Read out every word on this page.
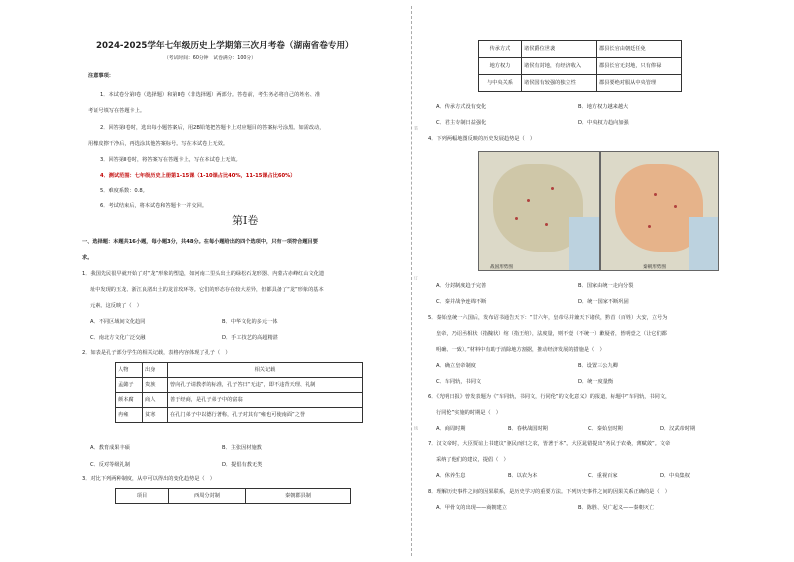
装
订
线
2024-2025学年七年级历史上学期第三次月考卷（湖南省卷专用）
（考试时间：60分钟　试卷满分：100分）
注意事项：
1．本试卷分第Ⅰ卷（选择题）和第Ⅱ卷（非选择题）两部分。答卷前，考生务必将自己的姓名、准
考证号填写在答题卡上。
2．回答第Ⅰ卷时，选出每小题答案后，用2B铅笔把答题卡上对应题目的答案标号涂黑。如需改动，
用橡皮擦干净后，再选涂其他答案标号。写在本试卷上无效。
3．回答第Ⅱ卷时，将答案写在答题卡上，写在本试卷上无效。
4．测试范围：七年级历史上册第1-15课（1-10课占比40%，11-15课占比60%）
5．难度系数：0.8。
6．考试结束后，将本试卷和答题卡一并交回。
第Ⅰ卷
一、选择题：本题共16小题，每小题3分，共48分。在每小题给出的四个选项中，只有一项符合题目要
求。
1．我国先民很早就开始了对“龙”形象的塑造，如河南二里头出土的绿松石龙形器、内蒙古赤峰红山文化遗
址中发现的玉龙、浙江良渚出土的龙首玫环等。它们的形态存在较大差异，但都具备了“龙”形象的基本
元素。这反映了（　）
A．不同区域间文化趋同	B．中华文化的多元一体
C．南北方文化广泛交融	D．手工技艺的高超精湛
2．如表是孔子部分学生的相关记载，表格内容体现了孔子（　）
人物	出身	相关记载
孟懿子	贵族	曾向孔子请教孝的标准，孔子答曰“无违”，即不违背天理、礼制
颜本腐	商人	善于经商，是孔子弟子中的富翁
冉雍	贫寒	在孔门弟子中以德行著称，孔子对其有“雍也可使南面”之誉
A．教育成果丰硕	B．主张因材施教
C．反对等级礼制	D．提倡有教无类
3．对比下列两种制度，从中可以得出的变化趋势是（　）
项目	西周分封制	秦朝郡县制
传承方式	诸侯爵位世袭	郡县长官由朝廷任免
地方权力	诸侯有封地，有经济收入	郡县长官无封地，只有俸禄
与中央关系	诸侯国有较强的独立性	郡县要绝对服从中央管理
A．传承方式没有变化	B．地方权力越来越大
C．君主专制日益强化	D．中央权力趋向加强
4．下列两幅地图反映的历史发展趋势是（　）
战国形势图	秦朝形势图
A．分封制度趋于完善	B．国家由统一走向分裂
C．秦并战争连绵不断	D．统一国家不断巩固
5．秦始皇统一六国后，发布诏书通告天下：“廿六年，皇帝尽并兼天下诸侯，黔首（百姓）大安，立号为
皇帝，乃诏丞相状（指隗状）绾（指王绾），法度量，则不壹（不统一）歉疑者，皆明壹之（让它们都
明确、一致）。”材料中有助于消除地方割据，推动经济发展的措施是（　）
A．确立皇帝制度	B．设置三公九卿
C．车同轨，书同文	D．统一度量衡
6．《光明日报》曾发表题为《“车同轨，书同文，行同伦”的文化意义》的报道，标题中“车同轨，书同文，
行同伦”实施的时期是（　）
A．商周时期	B．春秋战国时期	C．秦始皇时期	D．汉武帝时期
7．汉文帝时，大臣贾谊上书建议“驱民而归之农，皆著于本”。大臣晁错提出“务民于农桑，薄赋敛”。文帝
采纳了他们的建议，提倡（　）
A．休养生息	B．以农为本	C．重视百家	D．中央集权
8．理解历史事件之间的因果联系，是历史学习的重要方法。下列历史事件之间的因果关系正确的是（　）
A．甲骨文的出现——商朝建立	B．陈胜、吴广起义——秦朝灭亡
